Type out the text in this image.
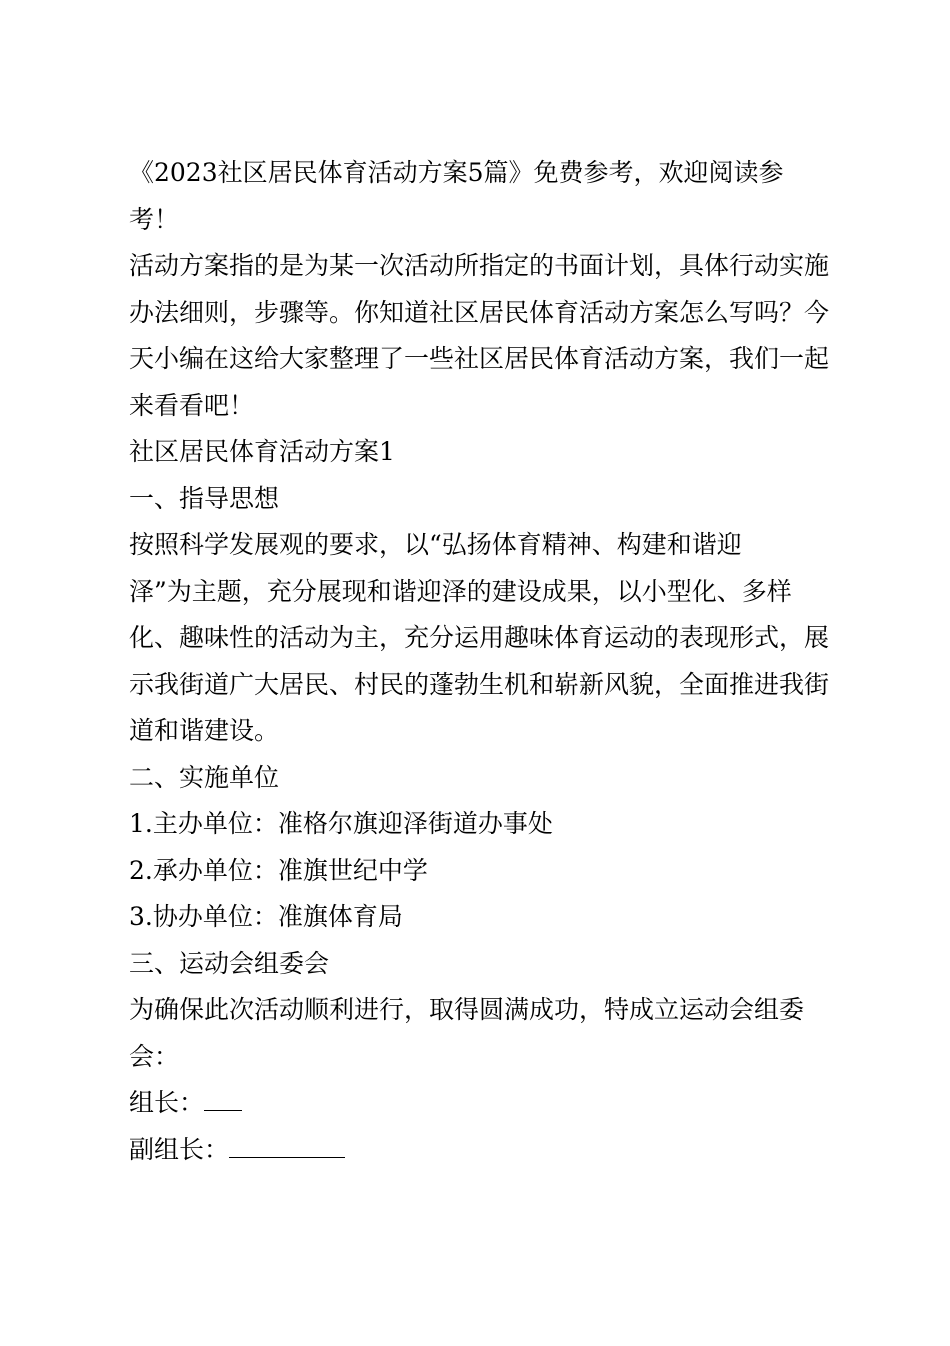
《2023社区居民体育活动方案5篇》免费参考，欢迎阅读参

考！

活动方案指的是为某一次活动所指定的书面计划，具体行动实施办法细则，步骤等。你知道社区居民体育活动方案怎么写吗？今天小编在这给大家整理了一些社区居民体育活动方案，我们一起来看看吧！

社区居民体育活动方案1

一、指导思想

按照科学发展观的要求，以“弘扬体育精神、构建和谐迎

泽”为主题，充分展现和谐迎泽的建设成果，以小型化、多样化、趣味性的活动为主，充分运用趣味体育运动的表现形式，展示我街道广大居民、村民的蓬勃生机和崭新风貌，全面推进我街道和谐建设。

二、实施单位

1.主办单位：准格尔旗迎泽街道办事处

2.承办单位：准旗世纪中学

3.协办单位：准旗体育局

三、运动会组委会

为确保此次活动顺利进行，取得圆满成功，特成立运动会组委会：

组长：

副组长：
